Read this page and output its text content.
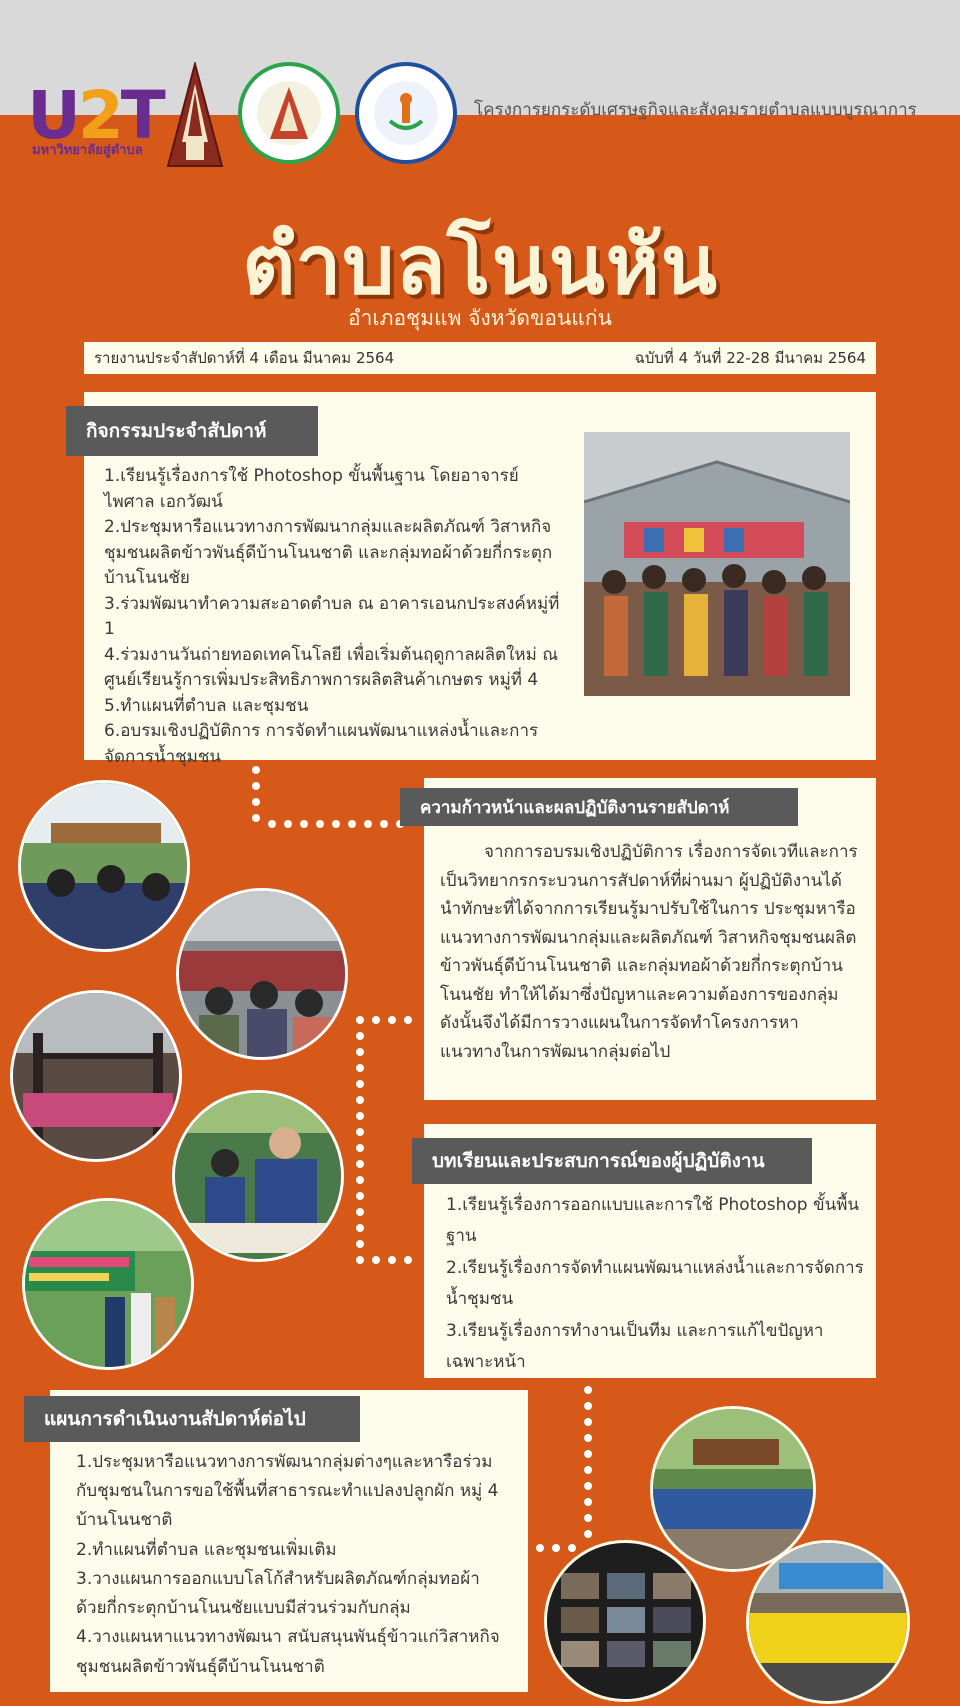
U2T
มหาวิทยาลัยสู่ตำบล
โครงการยกระดับเศรษฐกิจและสังคมรายตำบลแบบบูรณาการ
ตำบลโนนหัน
อำเภอชุมแพ จังหวัดขอนแก่น
รายงานประจำสัปดาห์ที่ 4 เดือน มีนาคม 2564	ฉบับที่ 4 วันที่ 22-28 มีนาคม 2564
กิจกรรมประจำสัปดาห์
1.เรียนรู้เรื่องการใช้ Photoshop ขั้นพื้นฐาน โดยอาจารย์ ไพศาล เอกวัฒน์
2.ประชุมหารือแนวทางการพัฒนากลุ่มและผลิตภัณฑ์ วิสาหกิจชุมชนผลิตข้าวพันธุ์ดีบ้านโนนชาติ และกลุ่มทอผ้าด้วยกี่กระตุกบ้านโนนชัย
3.ร่วมพัฒนาทำความสะอาดตำบล ณ อาคารเอนกประสงค์หมู่ที่ 1
4.ร่วมงานวันถ่ายทอดเทคโนโลยี เพื่อเริ่มต้นฤดูกาลผลิตใหม่ ณ ศูนย์เรียนรู้การเพิ่มประสิทธิภาพการผลิตสินค้าเกษตร หมู่ที่ 4
5.ทำแผนที่ตำบล และชุมชน
6.อบรมเชิงปฏิบัติการ การจัดทำแผนพัฒนาแหล่งน้ำและการจัดการน้ำชุมชน
ความก้าวหน้าและผลปฏิบัติงานรายสัปดาห์

จากการอบรมเชิงปฏิบัติการ เรื่องการจัดเวทีและการเป็นวิทยากรกระบวนการสัปดาห์ที่ผ่านมา ผู้ปฏิบัติงานได้นำทักษะที่ได้จากการเรียนรู้มาปรับใช้ในการ ประชุมหารือแนวทางการพัฒนากลุ่มและผลิตภัณฑ์ วิสาหกิจชุมชนผลิตข้าวพันธุ์ดีบ้านโนนชาติ และกลุ่มทอผ้าด้วยกี่กระตุกบ้านโนนชัย ทำให้ได้มาซึ่งปัญหาและความต้องการของกลุ่ม ดังนั้นจึงได้มีการวางแผนในการจัดทำโครงการหาแนวทางในการพัฒนากลุ่มต่อไป

บทเรียนและประสบการณ์ของผู้ปฏิบัติงาน
1.เรียนรู้เรื่องการออกแบบและการใช้ Photoshop ขั้นพื้นฐาน
2.เรียนรู้เรื่องการจัดทำแผนพัฒนาแหล่งน้ำและการจัดการน้ำชุมชน
3.เรียนรู้เรื่องการทำงานเป็นทีม และการแก้ไขปัญหาเฉพาะหน้า
แผนการดำเนินงานสัปดาห์ต่อไป
1.ประชุมหารือแนวทางการพัฒนากลุ่มต่างๆและหารือร่วมกับชุมชนในการขอใช้พื้นที่สาธารณะทำแปลงปลูกผัก หมู่ 4 บ้านโนนชาติ
2.ทำแผนที่ตำบล และชุมชนเพิ่มเติม
3.วางแผนการออกแบบโลโก้สำหรับผลิตภัณฑ์กลุ่มทอผ้าด้วยกี่กระตุกบ้านโนนชัยแบบมีส่วนร่วมกับกลุ่ม
4.วางแผนหาแนวทางพัฒนา สนับสนุนพันธุ์ข้าวแก่วิสาหกิจชุมชนผลิตข้าวพันธุ์ดีบ้านโนนชาติ
